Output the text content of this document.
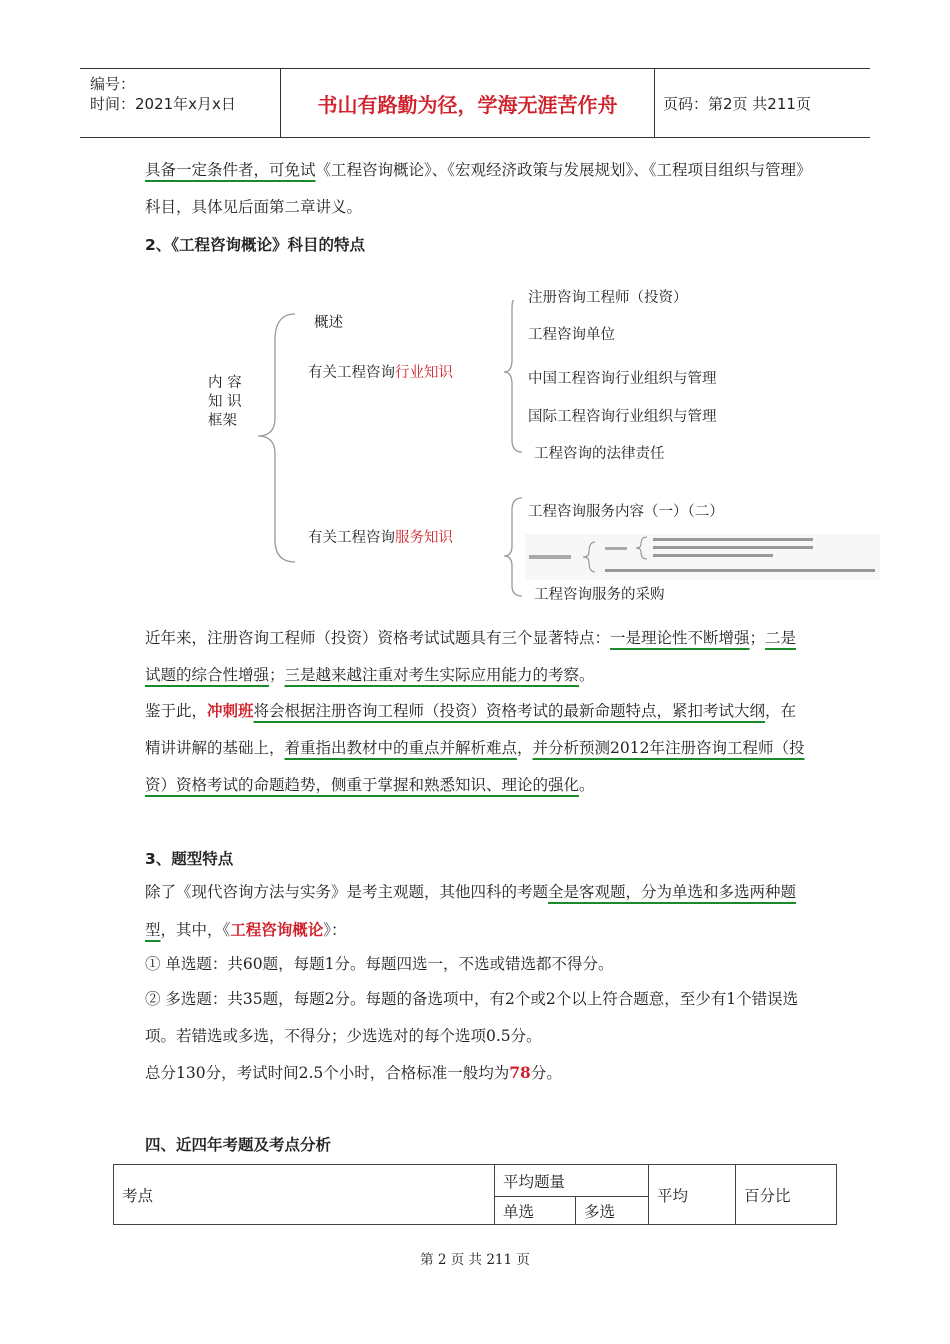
编号：
时间：2021年x月x日	书山有路勤为径，学海无涯苦作舟	页码：第2页 共211页
具备一定条件者，可免试《工程咨询概论》、《宏观经济政策与发展规划》、《工程项目组织与管理》科目，具体见后面第二章讲义。
2、《工程咨询概论》科目的特点
内 容
知 识
框架
概述
有关工程咨询行业知识
有关工程咨询服务知识
注册咨询工程师（投资）
工程咨询单位
中国工程咨询行业组织与管理
国际工程咨询行业组织与管理
工程咨询的法律责任
工程咨询服务内容（一）（二）
工程咨询服务的采购
近年来，注册咨询工程师（投资）资格考试试题具有三个显著特点：一是理论性不断增强；二是试题的综合性增强；三是越来越注重对考生实际应用能力的考察。
鉴于此，冲刺班将会根据注册咨询工程师（投资）资格考试的最新命题特点，紧扣考试大纲，在精讲讲解的基础上，着重指出教材中的重点并解析难点，并分析预测2012年注册咨询工程师（投资）资格考试的命题趋势，侧重于掌握和熟悉知识、理论的强化。
3、题型特点
除了《现代咨询方法与实务》是考主观题，其他四科的考题全是客观题，分为单选和多选两种题型，其中，《工程咨询概论》：
① 单选题：共60题，每题1分。每题四选一，不选或错选都不得分。
② 多选题：共35题，每题2分。每题的备选项中，有2个或2个以上符合题意，至少有1个错误选项。若错选或多选，不得分；少选选对的每个选项0.5分。
总分130分，考试时间2.5个小时，合格标准一般均为78分。
四、近四年考题及考点分析
考点	平均题量		平均	百分比
	单选	多选		
第 2 页 共 211 页
